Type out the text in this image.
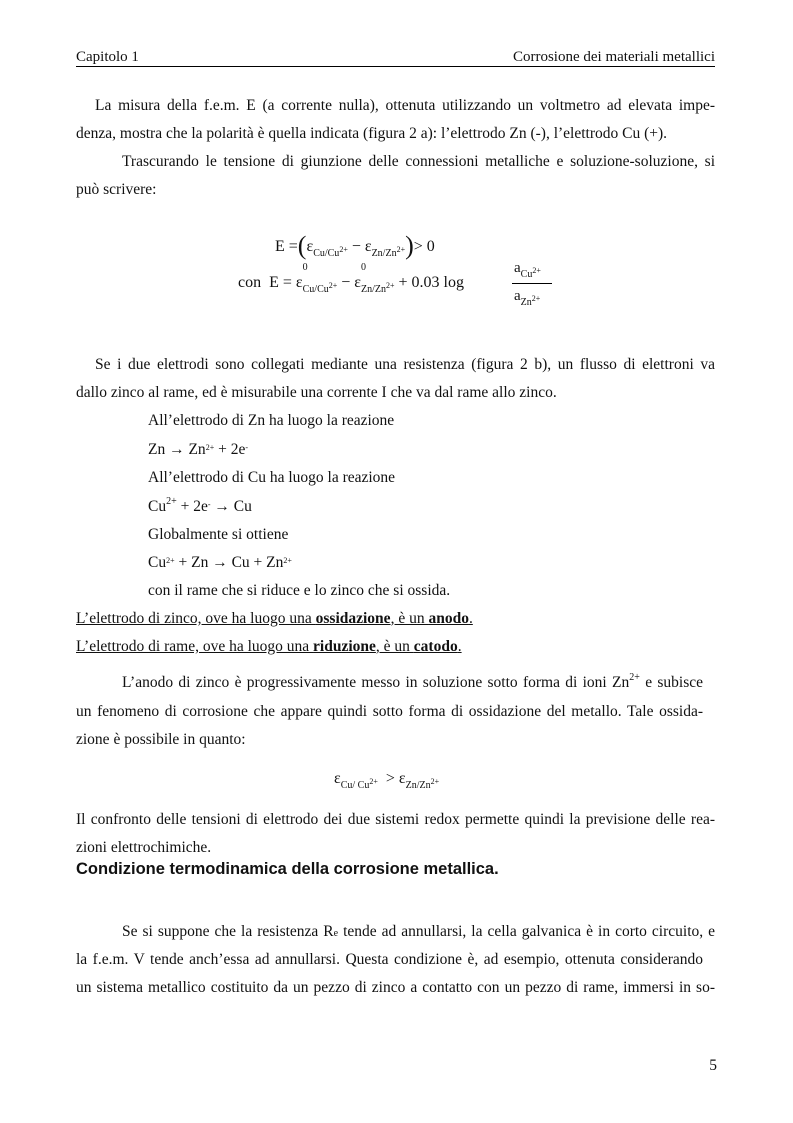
Capitolo 1	Corrosione dei materiali metallici
La misura della f.e.m. E (a corrente nulla), ottenuta utilizzando un voltmetro ad elevata impe-
denza, mostra che la polarità è quella indicata (figura 2 a): l’elettrodo Zn (-), l’elettrodo Cu (+).
Trascurando le tensione di giunzione delle connessioni metalliche e soluzione-soluzione, si
può scrivere:
$E =(\varepsilon_{Cu/Cu^{2+}} - \varepsilon_{Zn/Zn^{2+}})> 0$
con E = ε
0
$_{Cu/Cu^{2+}}$ − ε
0
$_{Zn/Zn^{2+}}$ + 0.03 log
$a_{Cu^{2+}}$
$a_{Zn^{2+}}$
Se i due elettrodi sono collegati mediante una resistenza (figura 2 b), un flusso di elettroni va
dallo zinco al rame, ed è misurabile una corrente I che va dal rame allo zinco.
All’elettrodo di Zn ha luogo la reazione
$Zn \to Zn^{2+} + 2e^-$
All’elettrodo di Cu ha luogo la reazione
$Cu^{2+} + 2e^- \to Cu$
Globalmente si ottiene
$Cu^{2+} + Zn \to Cu + Zn^{2+}$
con il rame che si riduce e lo zinco che si ossida.
L’elettrodo di zinco, ove ha luogo una ossidazione, è un anodo.
L’elettrodo di rame, ove ha luogo una riduzione, è un catodo.
L’anodo di zinco è progressivamente messo in soluzione sotto forma di ioni $Zn^{2+}$ e subisce
un fenomeno di corrosione che appare quindi sotto forma di ossidazione del metallo. Tale ossida-
zione è possibile in quanto:
$\varepsilon_{Cu/ Cu^{2+}} > \varepsilon_{Zn/Zn^{2+}}$
Il confronto delle tensioni di elettrodo dei due sistemi redox permette quindi la previsione delle rea-
zioni elettrochimiche.
Condizione termodinamica della corrosione metallica.
Se si suppone che la resistenza Re tende ad annullarsi, la cella galvanica è in corto circuito, e
la f.e.m. V tende anch’essa ad annullarsi. Questa condizione è, ad esempio, ottenuta considerando
un sistema metallico costituito da un pezzo di zinco a contatto con un pezzo di rame, immersi in so-
5
